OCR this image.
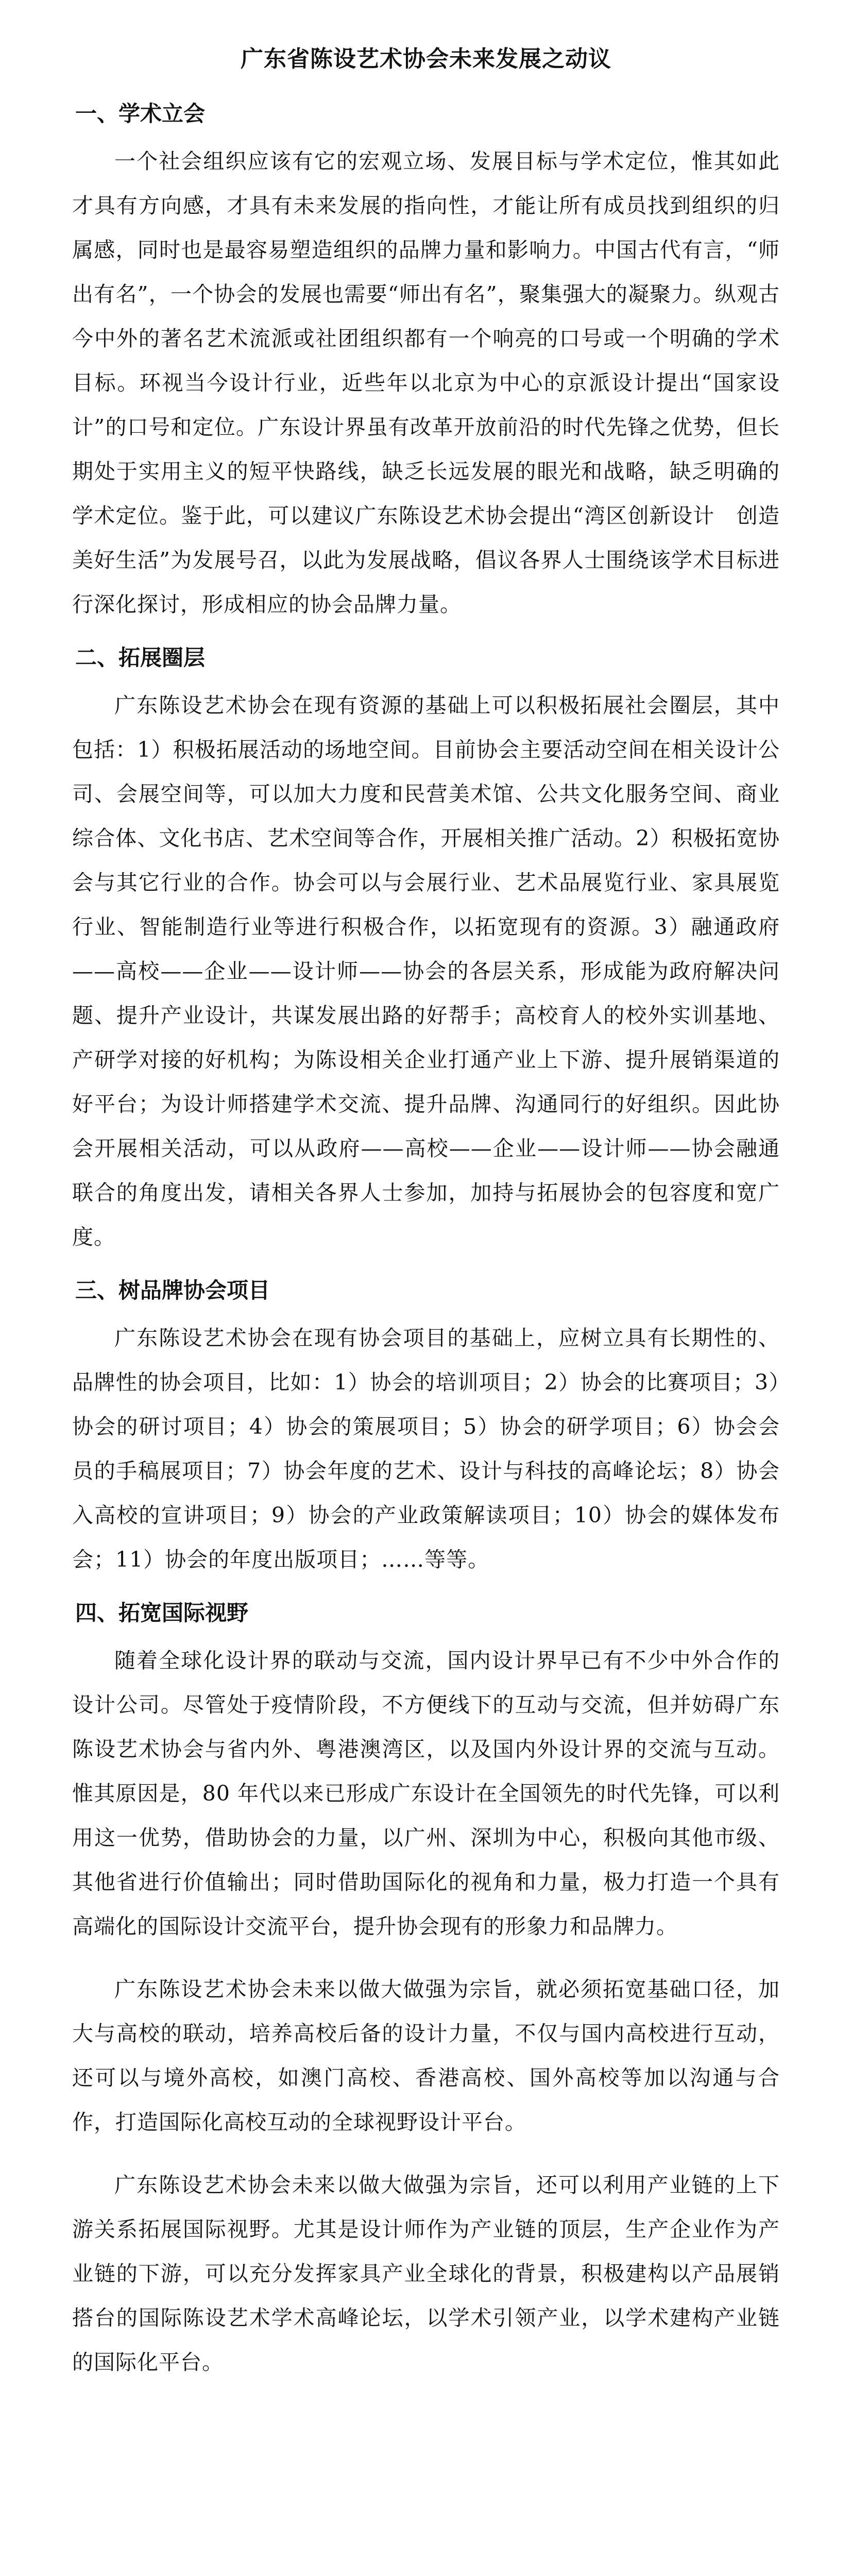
广东省陈设艺术协会未来发展之动议
一、学术立会

一个社会组织应该有它的宏观立场、发展目标与学术定位，惟其如此才具有方向感，才具有未来发展的指向性，才能让所有成员找到组织的归属感，同时也是最容易塑造组织的品牌力量和影响力。中国古代有言，“师出有名”，一个协会的发展也需要“师出有名”，聚集强大的凝聚力。纵观古今中外的著名艺术流派或社团组织都有一个响亮的口号或一个明确的学术目标。环视当今设计行业，近些年以北京为中心的京派设计提出“国家设计”的口号和定位。广东设计界虽有改革开放前沿的时代先锋之优势，但长期处于实用主义的短平快路线，缺乏长远发展的眼光和战略，缺乏明确的学术定位。鉴于此，可以建议广东陈设艺术协会提出“湾区创新设计　创造美好生活”为发展号召，以此为发展战略，倡议各界人士围绕该学术目标进行深化探讨，形成相应的协会品牌力量。

二、拓展圈层

广东陈设艺术协会在现有资源的基础上可以积极拓展社会圈层，其中包括：1）积极拓展活动的场地空间。目前协会主要活动空间在相关设计公司、会展空间等，可以加大力度和民营美术馆、公共文化服务空间、商业综合体、文化书店、艺术空间等合作，开展相关推广活动。2）积极拓宽协会与其它行业的合作。协会可以与会展行业、艺术品展览行业、家具展览行业、智能制造行业等进行积极合作，以拓宽现有的资源。3）融通政府——高校——企业——设计师——协会的各层关系，形成能为政府解决问题、提升产业设计，共谋发展出路的好帮手；高校育人的校外实训基地、产研学对接的好机构；为陈设相关企业打通产业上下游、提升展销渠道的好平台；为设计师搭建学术交流、提升品牌、沟通同行的好组织。因此协会开展相关活动，可以从政府——高校——企业——设计师——协会融通联合的角度出发，请相关各界人士参加，加持与拓展协会的包容度和宽广度。

三、树品牌协会项目

广东陈设艺术协会在现有协会项目的基础上，应树立具有长期性的、品牌性的协会项目，比如：1）协会的培训项目；2）协会的比赛项目；3）协会的研讨项目；4）协会的策展项目；5）协会的研学项目；6）协会会员的手稿展项目；7）协会年度的艺术、设计与科技的高峰论坛；8）协会入高校的宣讲项目；9）协会的产业政策解读项目；10）协会的媒体发布会；11）协会的年度出版项目；……等等。

四、拓宽国际视野

随着全球化设计界的联动与交流，国内设计界早已有不少中外合作的设计公司。尽管处于疫情阶段，不方便线下的互动与交流，但并妨碍广东陈设艺术协会与省内外、粤港澳湾区，以及国内外设计界的交流与互动。惟其原因是，80 年代以来已形成广东设计在全国领先的时代先锋，可以利用这一优势，借助协会的力量，以广州、深圳为中心，积极向其他市级、其他省进行价值输出；同时借助国际化的视角和力量，极力打造一个具有高端化的国际设计交流平台，提升协会现有的形象力和品牌力。

广东陈设艺术协会未来以做大做强为宗旨，就必须拓宽基础口径，加大与高校的联动，培养高校后备的设计力量，不仅与国内高校进行互动，还可以与境外高校，如澳门高校、香港高校、国外高校等加以沟通与合作，打造国际化高校互动的全球视野设计平台。

广东陈设艺术协会未来以做大做强为宗旨，还可以利用产业链的上下游关系拓展国际视野。尤其是设计师作为产业链的顶层，生产企业作为产业链的下游，可以充分发挥家具产业全球化的背景，积极建构以产品展销搭台的国际陈设艺术学术高峰论坛，以学术引领产业，以学术建构产业链的国际化平台。
